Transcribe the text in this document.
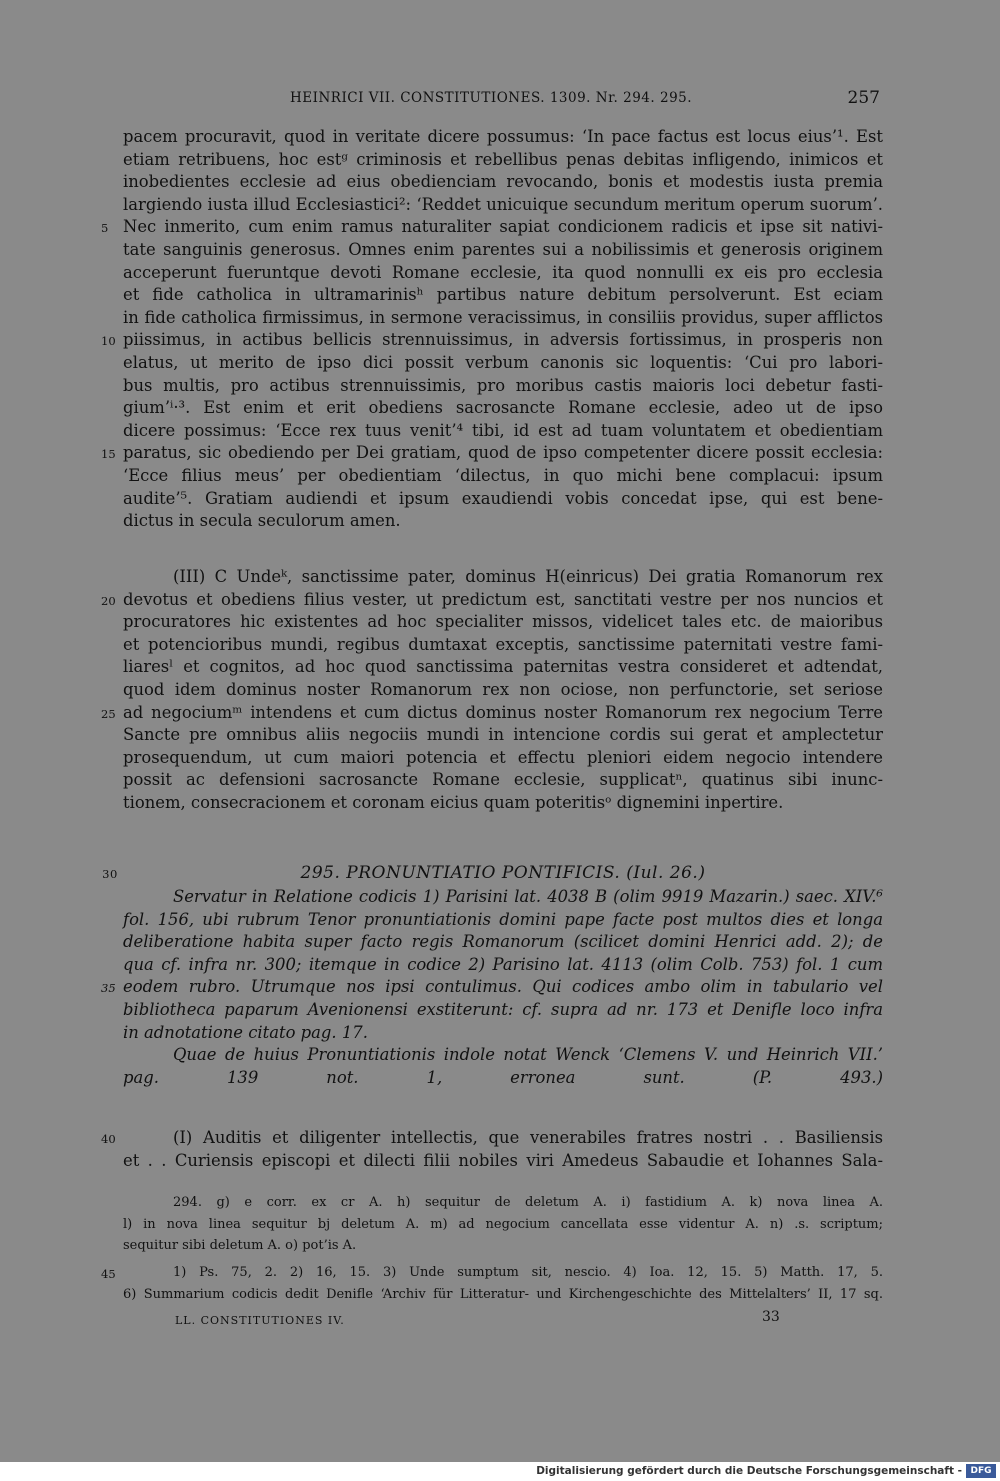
HEINRICI VII. CONSTITUTIONES. 1309. Nr. 294. 295.	257
pacem procuravit, quod in veritate dicere possumus: ‘In pace factus est locus eius’¹. Est
etiam retribuens, hoc estᵍ criminosis et rebellibus penas debitas infligendo, inimicos et
inobedientes ecclesie ad eius obedienciam revocando, bonis et modestis iusta premia
largiendo iusta illud Ecclesiastici²: ‘Reddet unicuique secundum meritum operum suorum’.
5 Nec inmerito, cum enim ramus naturaliter sapiat condicionem radicis et ipse sit nativi-
tate sanguinis generosus. Omnes enim parentes sui a nobilissimis et generosis originem
acceperunt fueruntque devoti Romane ecclesie, ita quod nonnulli ex eis pro ecclesia
et fide catholica in ultramarinisʰ partibus nature debitum persolverunt. Est eciam
in fide catholica firmissimus, in sermone veracissimus, in consiliis providus, super afflictos
10 piissimus, in actibus bellicis strennuissimus, in adversis fortissimus, in prosperis non
elatus, ut merito de ipso dici possit verbum canonis sic loquentis: ‘Cui pro labori-
bus multis, pro actibus strennuissimis, pro moribus castis maioris loci debetur fasti-
gium’ⁱ·³. Est enim et erit obediens sacrosancte Romane ecclesie, adeo ut de ipso
dicere possimus: ‘Ecce rex tuus venit’⁴ tibi, id est ad tuam voluntatem et obedientiam
15 paratus, sic obediendo per Dei gratiam, quod de ipso competenter dicere possit ecclesia:
‘Ecce filius meus’ per obedientiam ‘dilectus, in quo michi bene complacui: ipsum
audite’⁵. Gratiam audiendi et ipsum exaudiendi vobis concedat ipse, qui est bene-
dictus in secula seculorum amen.
(III) C Undeᵏ, sanctissime pater, dominus H(einricus) Dei gratia Romanorum rex
20 devotus et obediens filius vester, ut predictum est, sanctitati vestre per nos nuncios et
procuratores hic existentes ad hoc specialiter missos, videlicet tales etc. de maioribus
et potencioribus mundi, regibus dumtaxat exceptis, sanctissime paternitati vestre fami-
liaresˡ et cognitos, ad hoc quod sanctissima paternitas vestra consideret et adtendat,
quod idem dominus noster Romanorum rex non ociose, non perfunctorie, set seriose
25 ad negociumᵐ intendens et cum dictus dominus noster Romanorum rex negocium Terre
Sancte pre omnibus aliis negociis mundi in intencione cordis sui gerat et amplectetur
prosequendum, ut cum maiori potencia et effectu pleniori eidem negocio intendere
possit ac defensioni sacrosancte Romane ecclesie, supplicatⁿ, quatinus sibi inunc-
tionem, consecracionem et coronam eicius quam poteritisᵒ dignemini inpertire.
30	295. PRONUNTIATIO PONTIFICIS. (Iul. 26.)
Servatur in Relatione codicis 1) Parisini lat. 4038 B (olim 9919 Mazarin.) saec. XIV.⁶
fol. 156, ubi rubrum Tenor pronuntiationis domini pape facte post multos dies et longa
deliberatione habita super facto regis Romanorum (scilicet domini Henrici add. 2); de
qua cf. infra nr. 300; itemque in codice 2) Parisino lat. 4113 (olim Colb. 753) fol. 1 cum
35 eodem rubro. Utrumque nos ipsi contulimus. Qui codices ambo olim in tabulario vel
bibliotheca paparum Avenionensi exstiterunt: cf. supra ad nr. 173 et Denifle loco infra
in adnotatione citato pag. 17.
Quae de huius Pronuntiationis indole notat Wenck ‘Clemens V. und Heinrich VII.’
pag. 139 not. 1, erronea sunt. (P. 493.)
40	(I) Auditis et diligenter intellectis, que venerabiles fratres nostri . . Basiliensis
et . . Curiensis episcopi et dilecti filii nobiles viri Amedeus Sabaudie et Iohannes Sala-
294. g) e corr. ex cr A. h) sequitur de deletum A. i) fastidium A. k) nova linea A.
l) in nova linea sequitur bj deletum A. m) ad negocium cancellata esse videntur A. n) .s. scriptum;
sequitur sibi deletum A. o) pot’is A.
45	1) Ps. 75, 2. 2) 16, 15. 3) Unde sumptum sit, nescio. 4) Ioa. 12, 15. 5) Matth. 17, 5.
6) Summarium codicis dedit Denifle ‘Archiv für Litteratur- und Kirchengeschichte des Mittelalters’ II, 17 sq.
LL. CONSTITUTIONES IV.	33
Digitalisierung gefördert durch die Deutsche Forschungsgemeinschaft - DFG
